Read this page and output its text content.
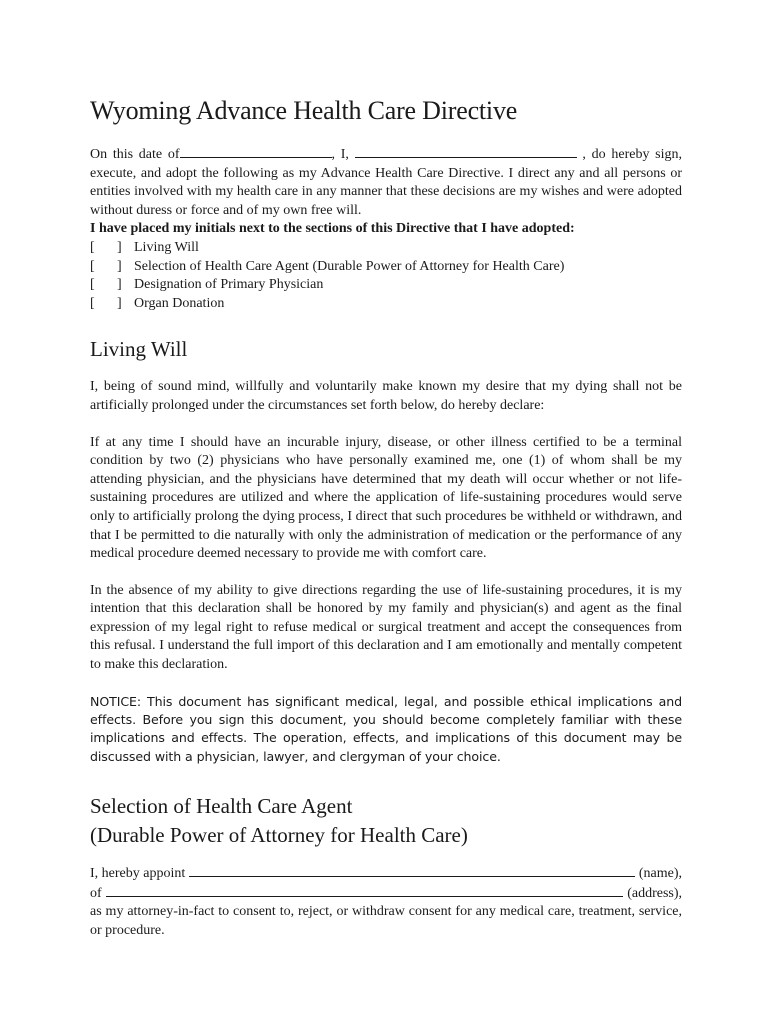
Wyoming Advance Health Care Directive

On this date of	, I,	, do hereby sign, execute, and adopt the following as my Advance Health Care Directive. I direct any and all persons or entities involved with my health care in any manner that these decisions are my wishes and were adopted without duress or force and of my own free will.

I have placed my initials next to the sections of this Directive that I have adopted:

[	] Living Will
[	] Selection of Health Care Agent (Durable Power of Attorney for Health Care)
[	] Designation of Primary Physician
[	] Organ Donation
Living Will

I, being of sound mind, willfully and voluntarily make known my desire that my dying shall not be artificially prolonged under the circumstances set forth below, do hereby declare:

If at any time I should have an incurable injury, disease, or other illness certified to be a terminal condition by two (2) physicians who have personally examined me, one (1) of whom shall be my attending physician, and the physicians have determined that my death will occur whether or not life-sustaining procedures are utilized and where the application of life-sustaining procedures would serve only to artificially prolong the dying process, I direct that such procedures be withheld or withdrawn, and that I be permitted to die naturally with only the administration of medication or the performance of any medical procedure deemed necessary to provide me with comfort care.

In the absence of my ability to give directions regarding the use of life-sustaining procedures, it is my intention that this declaration shall be honored by my family and physician(s) and agent as the final expression of my legal right to refuse medical or surgical treatment and accept the consequences from this refusal. I understand the full import of this declaration and I am emotionally and mentally competent to make this declaration.

NOTICE: This document has significant medical, legal, and possible ethical implications and effects. Before you sign this document, you should become completely familiar with these implications and effects. The operation, effects, and implications of this document may be discussed with a physician, lawyer, and clergyman of your choice.

Selection of Health Care Agent
(Durable Power of Attorney for Health Care)
I, hereby appoint	(name),
of	(address),

as my attorney-in-fact to consent to, reject, or withdraw consent for any medical care, treatment, service, or procedure.
